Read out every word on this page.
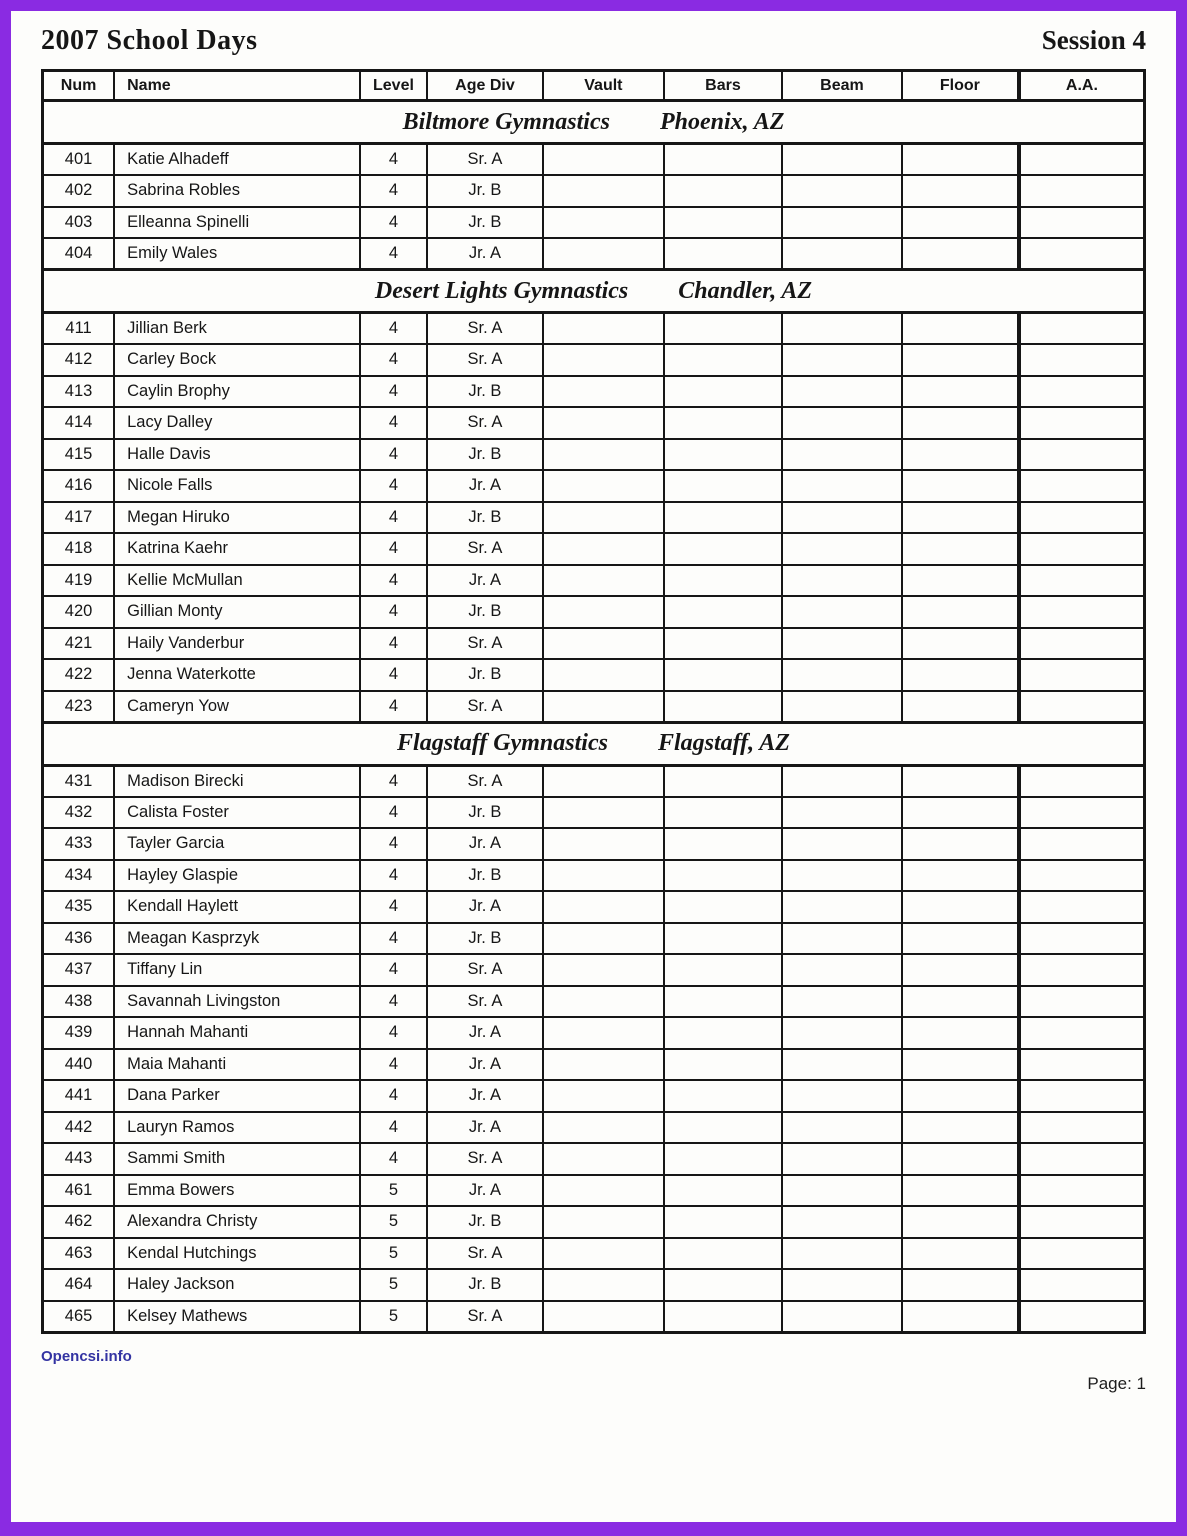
2007 School Days	Session 4
Num	Name	Level	Age Div	Vault	Bars	Beam	Floor	A.A.

Biltmore Gymnastics Phoenix, AZ								

401	Katie Alhadeff	4	Sr. A					
402	Sabrina Robles	4	Jr. B					
403	Elleanna Spinelli	4	Jr. B					
404	Emily Wales	4	Jr. A					

Desert Lights Gymnastics Chandler, AZ								

411	Jillian Berk	4	Sr. A					
412	Carley Bock	4	Sr. A					
413	Caylin Brophy	4	Jr. B					
414	Lacy Dalley	4	Sr. A					
415	Halle Davis	4	Jr. B					
416	Nicole Falls	4	Jr. A					
417	Megan Hiruko	4	Jr. B					
418	Katrina Kaehr	4	Sr. A					
419	Kellie McMullan	4	Jr. A					
420	Gillian Monty	4	Jr. B					
421	Haily Vanderbur	4	Sr. A					
422	Jenna Waterkotte	4	Jr. B					
423	Cameryn Yow	4	Sr. A					

Flagstaff Gymnastics Flagstaff, AZ								

431	Madison Birecki	4	Sr. A					
432	Calista Foster	4	Jr. B					
433	Tayler Garcia	4	Jr. A					
434	Hayley Glaspie	4	Jr. B					
435	Kendall Haylett	4	Jr. A					
436	Meagan Kasprzyk	4	Jr. B					
437	Tiffany Lin	4	Sr. A					
438	Savannah Livingston	4	Sr. A					
439	Hannah Mahanti	4	Jr. A					
440	Maia Mahanti	4	Jr. A					
441	Dana Parker	4	Jr. A					
442	Lauryn Ramos	4	Jr. A					
443	Sammi Smith	4	Sr. A					
461	Emma Bowers	5	Jr. A					
462	Alexandra Christy	5	Jr. B					
463	Kendal Hutchings	5	Sr. A					
464	Haley Jackson	5	Jr. B					
465	Kelsey Mathews	5	Sr. A					
Opencsi.info
Page: 1
